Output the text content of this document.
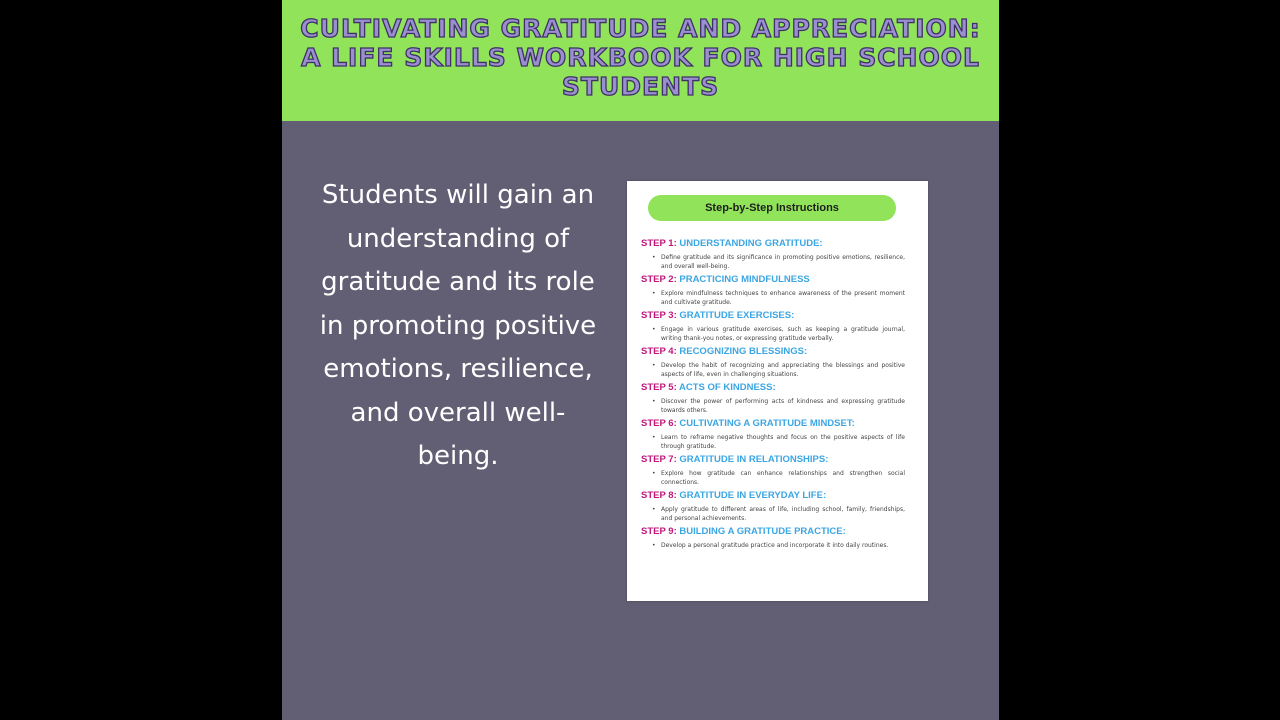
CULTIVATING GRATITUDE AND APPRECIATION: A LIFE SKILLS WORKBOOK FOR HIGH SCHOOL STUDENTS
Students will gain an understanding of gratitude and its role in promoting positive emotions, resilience, and overall well-being.
Step-by-Step Instructions
STEP 1: UNDERSTANDING GRATITUDE:
• Define gratitude and its significance in promoting positive emotions, resilience, and overall well-being.
STEP 2: PRACTICING MINDFULNESS
• Explore mindfulness techniques to enhance awareness of the present moment and cultivate gratitude.
STEP 3: GRATITUDE EXERCISES:
• Engage in various gratitude exercises, such as keeping a gratitude journal, writing thank-you notes, or expressing gratitude verbally.
STEP 4: RECOGNIZING BLESSINGS:
• Develop the habit of recognizing and appreciating the blessings and positive aspects of life, even in challenging situations.
STEP 5: ACTS OF KINDNESS:
• Discover the power of performing acts of kindness and expressing gratitude towards others.
STEP 6: CULTIVATING A GRATITUDE MINDSET:
• Learn to reframe negative thoughts and focus on the positive aspects of life through gratitude.
STEP 7: GRATITUDE IN RELATIONSHIPS:
• Explore how gratitude can enhance relationships and strengthen social connections.
STEP 8: GRATITUDE IN EVERYDAY LIFE:
• Apply gratitude to different areas of life, including school, family, friendships, and personal achievements.
STEP 9: BUILDING A GRATITUDE PRACTICE:
• Develop a personal gratitude practice and incorporate it into daily routines.
